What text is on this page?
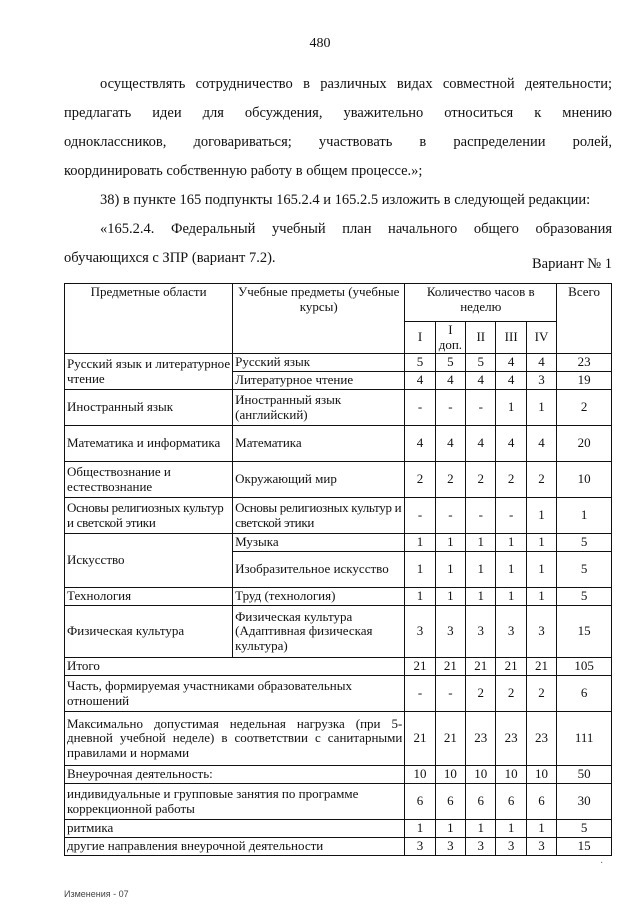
480
осуществлять сотрудничество в различных видах совместной деятельности;
предлагать идеи для обсуждения, уважительно относиться к мнению
одноклассников, договариваться; участвовать в распределении ролей,
координировать собственную работу в общем процессе.»;
38) в пункте 165 подпункты 165.2.4 и 165.2.5 изложить в следующей редакции:
«165.2.4. Федеральный учебный план начального общего образования
обучающихся с ЗПР (вариант 7.2).	Вариант № 1
Предметные области	Учебные предметы (учебные курсы)	Количество часов в неделю					Всего
		I	I доп.	II	III	IV	
Русский язык и литературное чтение	Русский язык	5	5	5	4	4	23
	Литературное чтение	4	4	4	4	3	19
Иностранный язык	Иностранный язык (английский)	-	-	-	1	1	2
Математика и информатика	Математика	4	4	4	4	4	20
Обществознание и естествознание	Окружающий мир	2	2	2	2	2	10
Основы религиозных культур и светской этики	Основы религиозных культур и светской этики	-	-	-	-	1	1
Искусство	Музыка	1	1	1	1	1	5
	Изобразительное искусство	1	1	1	1	1	5
Технология	Труд (технология)	1	1	1	1	1	5
Физическая культура	Физическая культура (Адаптивная физическая культура)	3	3	3	3	3	15
Итого		21	21	21	21	21	105
Часть, формируемая участниками образовательных отношений		-	-	2	2	2	6
Максимально допустимая недельная нагрузка (при 5-дневной учебной неделе) в соответствии с санитарными правилами и нормами		21	21	23	23	23	111
Внеурочная деятельность:		10	10	10	10	10	50
индивидуальные и групповые занятия по программе коррекционной работы		6	6	6	6	6	30
ритмика		1	1	1	1	1	5
другие направления внеурочной деятельности		3	3	3	3	3	15
·
Изменения - 07
